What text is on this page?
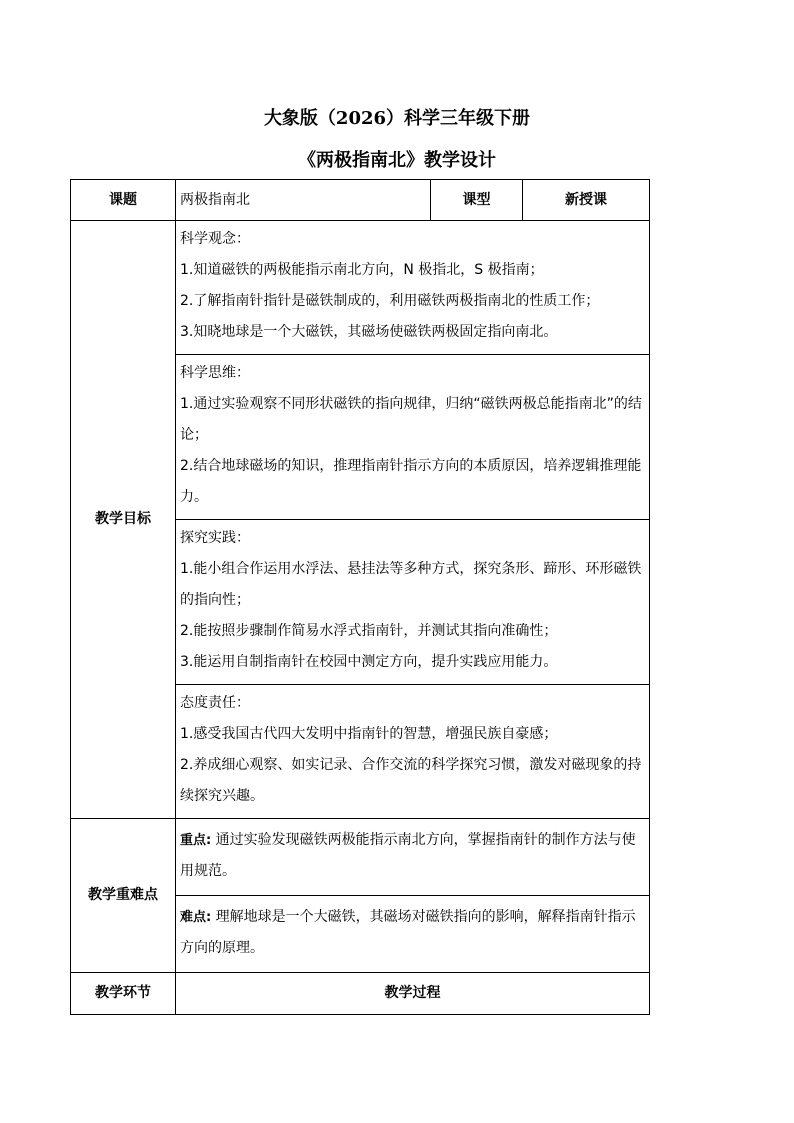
大象版（2026）科学三年级下册
《两极指南北》教学设计
课题	两极指南北	课型	新授课
教学目标	科学观念：
1.知道磁铁的两极能指示南北方向，N 极指北，S 极指南；
2.了解指南针指针是磁铁制成的，利用磁铁两极指南北的性质工作；
3.知晓地球是一个大磁铁，其磁场使磁铁两极固定指向南北。		

	科学思维：
1.通过实验观察不同形状磁铁的指向规律，归纳“磁铁两极总能指南北”的结论；
2.结合地球磁场的知识，推理指南针指示方向的本质原因，培养逻辑推理能力。		

	探究实践：
1.能小组合作运用水浮法、悬挂法等多种方式，探究条形、蹄形、环形磁铁的指向性；
2.能按照步骤制作简易水浮式指南针，并测试其指向准确性；
3.能运用自制指南针在校园中测定方向，提升实践应用能力。		

	态度责任：
1.感受我国古代四大发明中指南针的智慧，增强民族自豪感；
2.养成细心观察、如实记录、合作交流的科学探究习惯，激发对磁现象的持续探究兴趣。		

教学重难点	重点: 通过实验发现磁铁两极能指示南北方向，掌握指南针的制作方法与使用规范。		
	难点: 理解地球是一个大磁铁，其磁场对磁铁指向的影响，解释指南针指示方向的原理。		
教学环节	教学过程		
